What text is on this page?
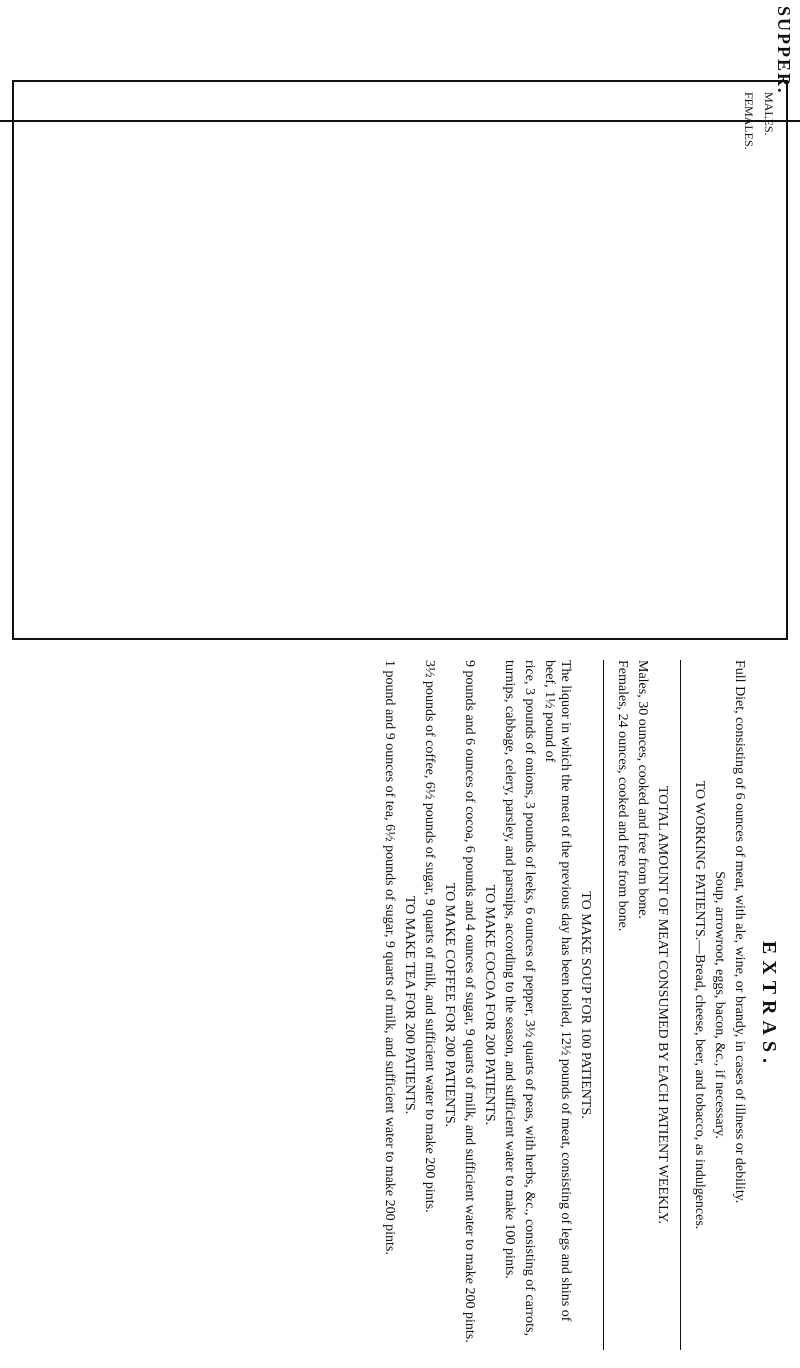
SUPPER.
MALES.
FEMALES.
EXTRAS.
Full Diet, consisting of 6 ounces of meat, with ale, wine, or brandy, in cases of illness or debility.
Soup, arrowroot, eggs, bacon, &c., if necessary.
TO WORKING PATIENTS.—Bread, cheese, beer, and tobacco, as indulgences.
TOTAL AMOUNT OF MEAT CONSUMED BY EACH PATIENT WEEKLY.
Males, 30 ounces, cooked and free from bone.
Females, 24 ounces, cooked and free from bone.
TO MAKE SOUP FOR 100 PATIENTS.
The liquor in which the meat of the previous day has been boiled, 12½ pounds of meat, consisting of legs and shins of beef, 1½ pound of
rice, 3 pounds of onions, 3 pounds of leeks, 6 ounces of pepper, 3½ quarts of peas, with herbs, &c., consisting of carrots,
turnips, cabbage, celery, parsley, and parsnips, according to the season, and sufficient water to make 100 pints.
TO MAKE COCOA FOR 200 PATIENTS.
9 pounds and 6 ounces of cocoa, 6 pounds and 4 ounces of sugar, 9 quarts of milk, and sufficient water to make 200 pints.
TO MAKE COFFEE FOR 200 PATIENTS.
3½ pounds of coffee, 6½ pounds of sugar, 9 quarts of milk, and sufficient water to make 200 pints.
TO MAKE TEA FOR 200 PATIENTS.
1 pound and 9 ounces of tea, 6½ pounds of sugar, 9 quarts of milk, and sufficient water to make 200 pints.
